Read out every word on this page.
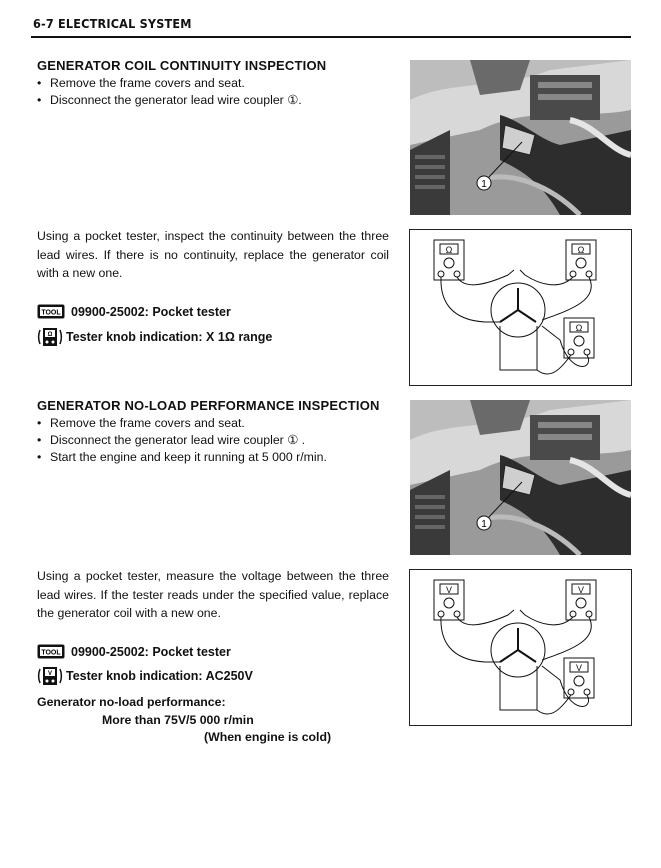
6-7 ELECTRICAL SYSTEM
GENERATOR COIL CONTINUITY INSPECTION
• Remove the frame covers and seat.
• Disconnect the generator lead wire coupler ①.
1
Using a pocket tester, inspect the continuity between the three lead wires. If there is no continuity, replace the generator coil with a new one.
TOOL 09900-25002: Pocket tester
Ω Tester knob indication: X 1Ω range
Ω	Ω
Ω
GENERATOR NO-LOAD PERFORMANCE INSPECTION
• Remove the frame covers and seat.
• Disconnect the generator lead wire coupler ① .
• Start the engine and keep it running at 5 000 r/min.
1
Using a pocket tester, measure the voltage between the three lead wires. If the tester reads under the specified value, replace the generator coil with a new one.
TOOL 09900-25002: Pocket tester
V Tester knob indication: AC250V
Generator no-load performance:
More than 75V/5 000 r/min
(When engine is cold)
V	V
V
